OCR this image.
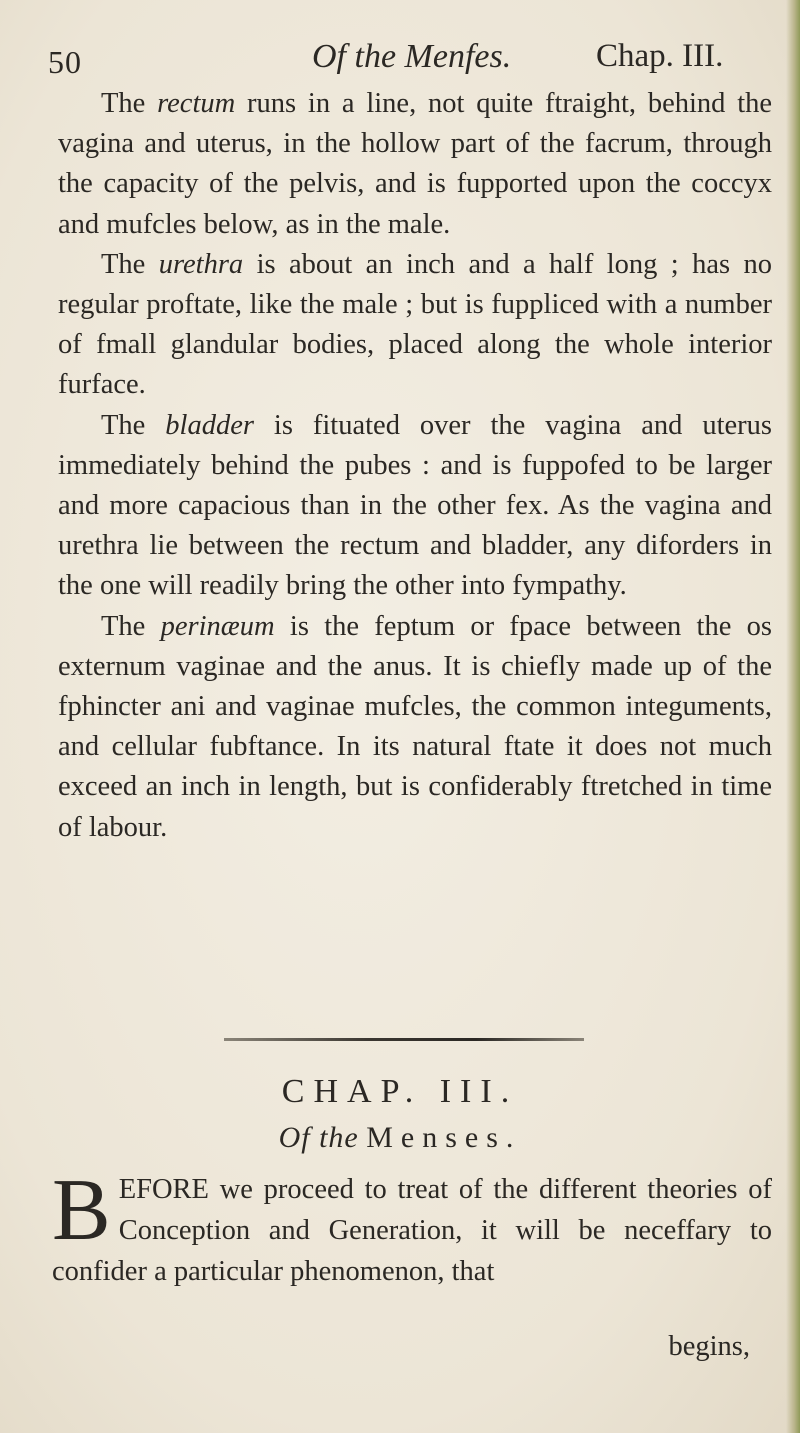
50	Of the Menfes.	Chap. III.

The rectum runs in a line, not quite ftraight, behind the vagina and uterus, in the hollow part of the facrum, through the capacity of the pelvis, and is fupported upon the coccyx and mufcles below, as in the male.

The urethra is about an inch and a half long ; has no regular proftate, like the male ; but is fuppliced with a number of fmall glandular bodies, placed along the whole interior furface.

The bladder is fituated over the vagina and uterus immediately behind the pubes : and is fuppofed to be larger and more capacious than in the other fex. As the vagina and urethra lie between the rectum and bladder, any diforders in the one will readily bring the other into fympathy.

The perinæum is the feptum or fpace between the os externum vaginae and the anus. It is chiefly made up of the fphincter ani and vaginae mufcles, the common integuments, and cellular fubftance. In its natural ftate it does not much exceed an inch in length, but is confiderably ftretched in time of labour.

CHAP. III.
Of the Menses.
B EFORE we proceed to treat of the different theories of Conception and Generation, it will be neceffary to confider a particular phenomenon, that

begins,
